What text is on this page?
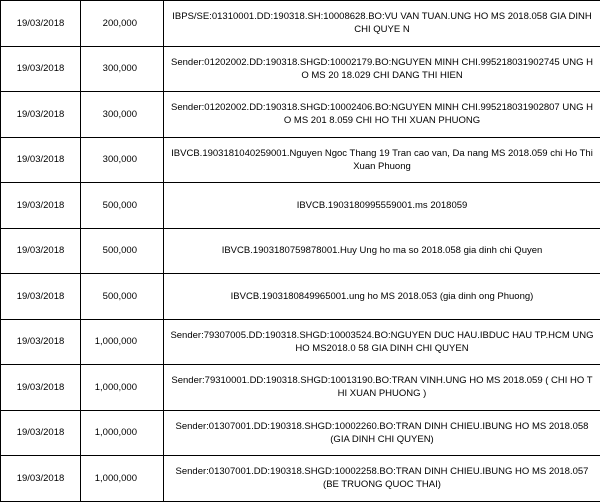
19/03/2018	200,000	IBPS/SE:01310001.DD:190318.SH:10008628.BO:VU VAN TUAN.UNG HO MS 2018.058 GIA DINH CHI QUYE N
19/03/2018	300,000	Sender:01202002.DD:190318.SHGD:10002179.BO:NGUYEN MINH CHI.995218031902745 UNG HO MS 20 18.029 CHI DANG THI HIEN
19/03/2018	300,000	Sender:01202002.DD:190318.SHGD:10002406.BO:NGUYEN MINH CHI.995218031902807 UNG HO MS 201 8.059 CHI HO THI XUAN PHUONG
19/03/2018	300,000	IBVCB.1903181040259001.Nguyen Ngoc Thang 19 Tran cao van, Da nang MS 2018.059 chi Ho Thi Xuan Phuong
19/03/2018	500,000	IBVCB.1903180995559001.ms 2018059
19/03/2018	500,000	IBVCB.1903180759878001.Huy Ung ho ma so 2018.058 gia dinh chi Quyen
19/03/2018	500,000	IBVCB.1903180849965001.ung ho MS 2018.053 (gia dinh ong Phuong)
19/03/2018	1,000,000	Sender:79307005.DD:190318.SHGD:10003524.BO:NGUYEN DUC HAU.IBDUC HAU TP.HCM UNG HO MS2018.0 58 GIA DINH CHI QUYEN
19/03/2018	1,000,000	Sender:79310001.DD:190318.SHGD:10013190.BO:TRAN VINH.UNG HO MS 2018.059 ( CHI HO THI XUAN PHUONG )
19/03/2018	1,000,000	Sender:01307001.DD:190318.SHGD:10002260.BO:TRAN DINH CHIEU.IBUNG HO MS 2018.058 (GIA DINH CHI QUYEN)
19/03/2018	1,000,000	Sender:01307001.DD:190318.SHGD:10002258.BO:TRAN DINH CHIEU.IBUNG HO MS 2018.057 (BE TRUONG QUOC THAI)
